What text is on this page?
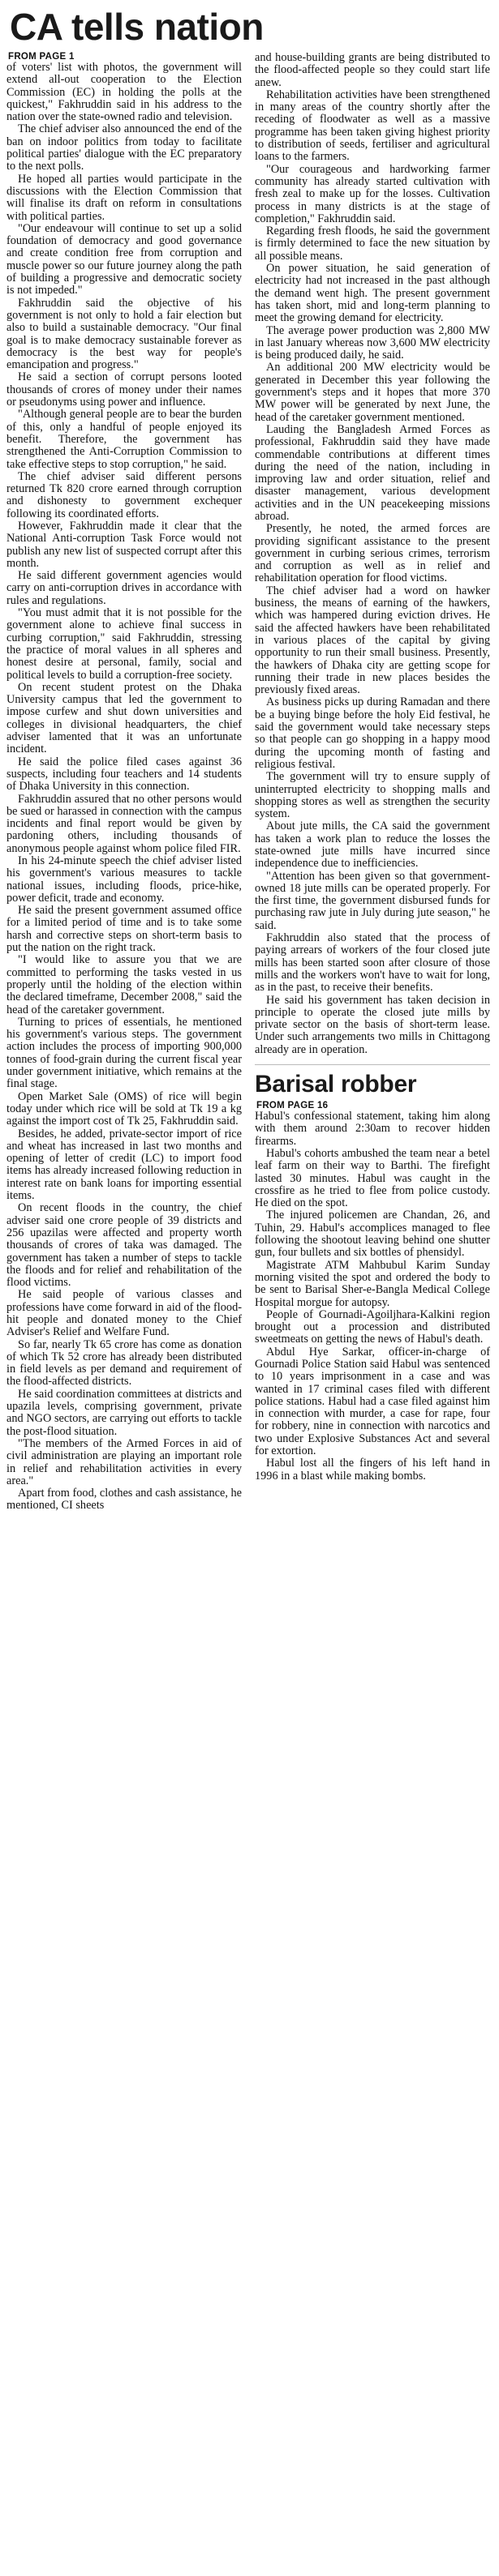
CA tells nation
FROM PAGE 1

of voters' list with photos, the government will extend all-out cooperation to the Election Commission (EC) in holding the polls at the quickest," Fakhruddin said in his address to the nation over the state-owned radio and television.

The chief adviser also announced the end of the ban on indoor politics from today to facilitate political parties' dialogue with the EC preparatory to the next polls.

He hoped all parties would participate in the discussions with the Election Commission that will finalise its draft on reform in consultations with political parties.

"Our endeavour will continue to set up a solid foundation of democracy and good governance and create condition free from corruption and muscle power so our future journey along the path of building a progressive and democratic society is not impeded."

Fakhruddin said the objective of his government is not only to hold a fair election but also to build a sustainable democracy. "Our final goal is to make democracy sustainable forever as democracy is the best way for people's emancipation and progress."

He said a section of corrupt persons looted thousands of crores of money under their names or pseudonyms using power and influence.

"Although general people are to bear the burden of this, only a handful of people enjoyed its benefit. Therefore, the government has strengthened the Anti-Corruption Commission to take effective steps to stop corruption," he said.

The chief adviser said different persons returned Tk 820 crore earned through corruption and dishonesty to government exchequer following its coordinated efforts.

However, Fakhruddin made it clear that the National Anti-corruption Task Force would not publish any new list of suspected corrupt after this month.

He said different government agencies would carry on anti-corruption drives in accordance with rules and regulations.

"You must admit that it is not possible for the government alone to achieve final success in curbing corruption," said Fakhruddin, stressing the practice of moral values in all spheres and honest desire at personal, family, social and political levels to build a corruption-free society.

On recent student protest on the Dhaka University campus that led the government to impose curfew and shut down universities and colleges in divisional headquarters, the chief adviser lamented that it was an unfortunate incident.

He said the police filed cases against 36 suspects, including four teachers and 14 students of Dhaka University in this connection.

Fakhruddin assured that no other persons would be sued or harassed in connection with the campus incidents and final report would be given by pardoning others, including thousands of anonymous people against whom police filed FIR.

In his 24-minute speech the chief adviser listed his government's various measures to tackle national issues, including floods, price-hike, power deficit, trade and economy.

He said the present government assumed office for a limited period of time and is to take some harsh and corrective steps on short-term basis to put the nation on the right track.

"I would like to assure you that we are committed to performing the tasks vested in us properly until the holding of the election within the declared timeframe, December 2008," said the head of the caretaker government.

Turning to prices of essentials, he mentioned his government's various steps. The government action includes the process of importing 900,000 tonnes of food-grain during the current fiscal year under government initiative, which remains at the final stage.

Open Market Sale (OMS) of rice will begin today under which rice will be sold at Tk 19 a kg against the import cost of Tk 25, Fakhruddin said.

Besides, he added, private-sector import of rice and wheat has increased in last two months and opening of letter of credit (LC) to import food items has already increased following reduction in interest rate on bank loans for importing essential items.

On recent floods in the country, the chief adviser said one crore people of 39 districts and 256 upazilas were affected and property worth thousands of crores of taka was damaged. The government has taken a number of steps to tackle the floods and for relief and rehabilitation of the flood victims.

He said people of various classes and professions have come forward in aid of the flood-hit people and donated money to the Chief Adviser's Relief and Welfare Fund.

So far, nearly Tk 65 crore has come as donation of which Tk 52 crore has already been distributed in field levels as per demand and requirement of the flood-affected districts.

He said coordination committees at districts and upazila levels, comprising government, private and NGO sectors, are carrying out efforts to tackle the post-flood situation.

"The members of the Armed Forces in aid of civil administration are playing an important role in relief and rehabilitation activities in every area."

Apart from food, clothes and cash assistance, he mentioned, CI sheets

and house-building grants are being distributed to the flood-affected people so they could start life anew.

Rehabilitation activities have been strengthened in many areas of the country shortly after the receding of floodwater as well as a massive programme has been taken giving highest priority to distribution of seeds, fertiliser and agricultural loans to the farmers.

"Our courageous and hardworking farmer community has already started cultivation with fresh zeal to make up for the losses. Cultivation process in many districts is at the stage of completion," Fakhruddin said.

Regarding fresh floods, he said the government is firmly determined to face the new situation by all possible means.

On power situation, he said generation of electricity had not increased in the past although the demand went high. The present government has taken short, mid and long-term planning to meet the growing demand for electricity.

The average power production was 2,800 MW in last January whereas now 3,600 MW electricity is being produced daily, he said.

An additional 200 MW electricity would be generated in December this year following the government's steps and it hopes that more 370 MW power will be generated by next June, the head of the caretaker government mentioned.

Lauding the Bangladesh Armed Forces as professional, Fakhruddin said they have made commendable contributions at different times during the need of the nation, including in improving law and order situation, relief and disaster management, various development activities and in the UN peacekeeping missions abroad.

Presently, he noted, the armed forces are providing significant assistance to the present government in curbing serious crimes, terrorism and corruption as well as in relief and rehabilitation operation for flood victims.

The chief adviser had a word on hawker business, the means of earning of the hawkers, which was hampered during eviction drives. He said the affected hawkers have been rehabilitated in various places of the capital by giving opportunity to run their small business. Presently, the hawkers of Dhaka city are getting scope for running their trade in new places besides the previously fixed areas.

As business picks up during Ramadan and there be a buying binge before the holy Eid festival, he said the government would take necessary steps so that people can go shopping in a happy mood during the upcoming month of fasting and religious festival.

The government will try to ensure supply of uninterrupted electricity to shopping malls and shopping stores as well as strengthen the security system.

About jute mills, the CA said the government has taken a work plan to reduce the losses the state-owned jute mills have incurred since independence due to inefficiencies.

"Attention has been given so that government-owned 18 jute mills can be operated properly. For the first time, the government disbursed funds for purchasing raw jute in July during jute season," he said.

Fakhruddin also stated that the process of paying arrears of workers of the four closed jute mills has been started soon after closure of those mills and the workers won't have to wait for long, as in the past, to receive their benefits.

He said his government has taken decision in principle to operate the closed jute mills by private sector on the basis of short-term lease. Under such arrangements two mills in Chittagong already are in operation.

Barisal robber
FROM PAGE 16

Habul's confessional statement, taking him along with them around 2:30am to recover hidden firearms.

Habul's cohorts ambushed the team near a betel leaf farm on their way to Barthi. The firefight lasted 30 minutes. Habul was caught in the crossfire as he tried to flee from police custody. He died on the spot.

The injured policemen are Chandan, 26, and Tuhin, 29. Habul's accomplices managed to flee following the shootout leaving behind one shutter gun, four bullets and six bottles of phensidyl.

Magistrate ATM Mahbubul Karim Sunday morning visited the spot and ordered the body to be sent to Barisal Sher-e-Bangla Medical College Hospital morgue for autopsy.

People of Gournadi-Agoiljhara-Kalkini region brought out a procession and distributed sweetmeats on getting the news of Habul's death.

Abdul Hye Sarkar, officer-in-charge of Gournadi Police Station said Habul was sentenced to 10 years imprisonment in a case and was wanted in 17 criminal cases filed with different police stations. Habul had a case filed against him in connection with murder, a case for rape, four for robbery, nine in connection with narcotics and two under Explosive Substances Act and several for extortion.

Habul lost all the fingers of his left hand in 1996 in a blast while making bombs.
